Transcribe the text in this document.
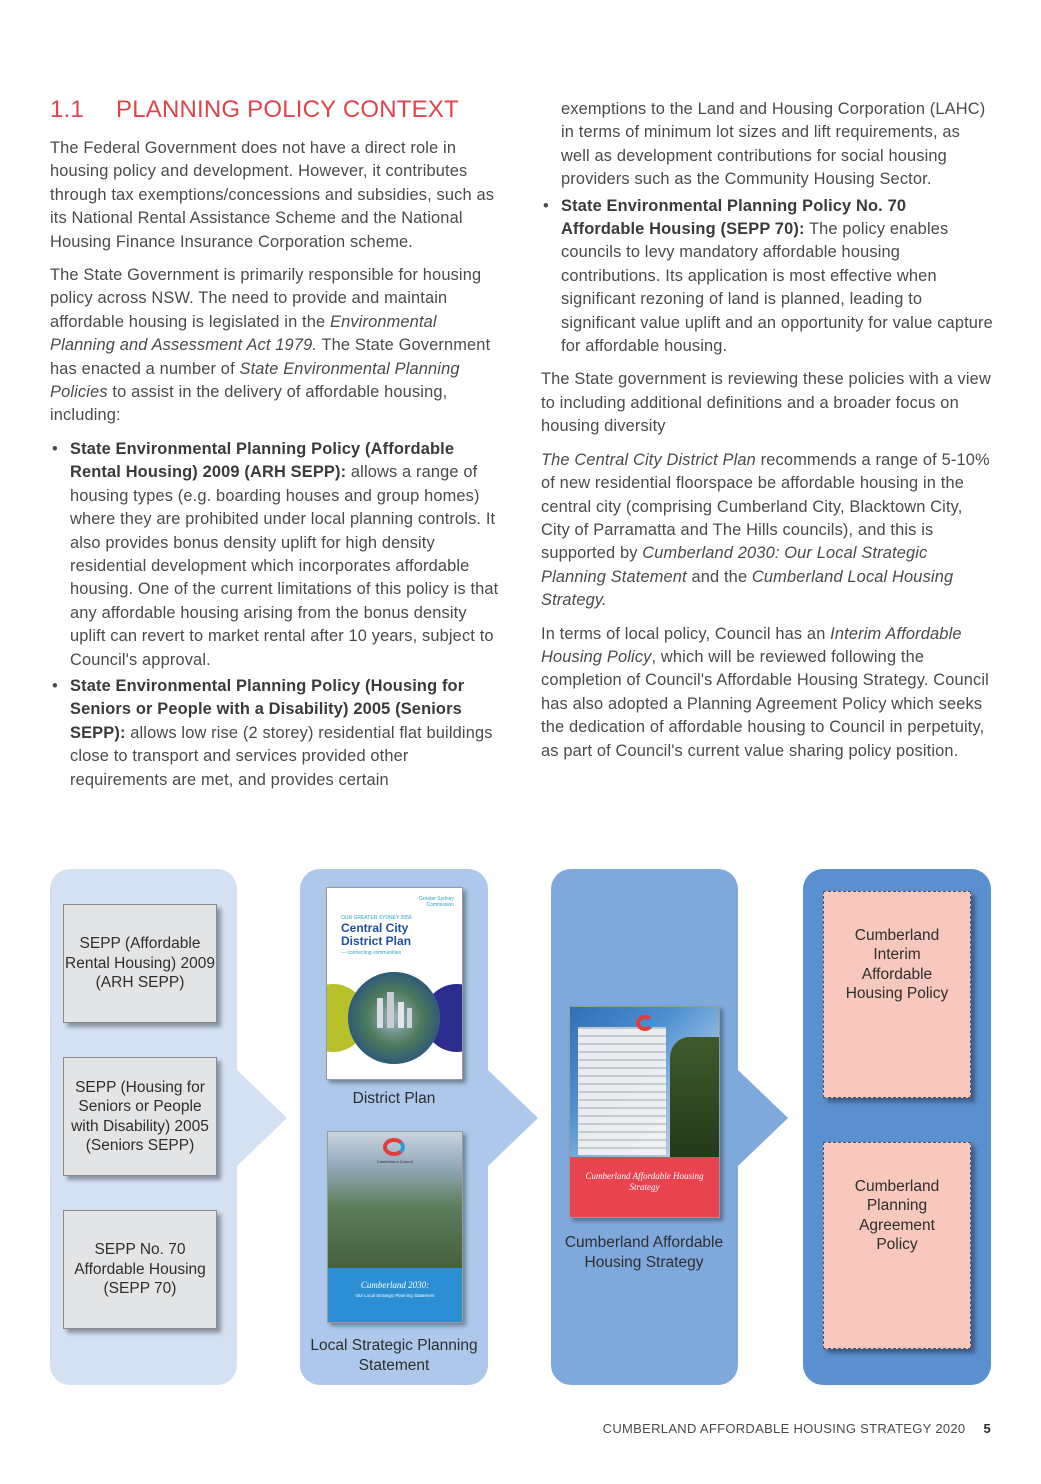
1.1 PLANNING POLICY CONTEXT

The Federal Government does not have a direct role in housing policy and development. However, it contributes through tax exemptions/concessions and subsidies, such as its National Rental Assistance Scheme and the National Housing Finance Insurance Corporation scheme.

The State Government is primarily responsible for housing policy across NSW. The need to provide and maintain affordable housing is legislated in the Environmental Planning and Assessment Act 1979. The State Government has enacted a number of State Environmental Planning Policies to assist in the delivery of affordable housing, including:

• State Environmental Planning Policy (Affordable Rental Housing) 2009 (ARH SEPP): allows a range of housing types (e.g. boarding houses and group homes) where they are prohibited under local planning controls. It also provides bonus density uplift for high density residential development which incorporates affordable housing. One of the current limitations of this policy is that any affordable housing arising from the bonus density uplift can revert to market rental after 10 years, subject to Council's approval.
• State Environmental Planning Policy (Housing for Seniors or People with a Disability) 2005 (Seniors SEPP): allows low rise (2 storey) residential flat buildings close to transport and services provided other requirements are met, and provides certain
exemptions to the Land and Housing Corporation (LAHC) in terms of minimum lot sizes and lift requirements, as well as development contributions for social housing providers such as the Community Housing Sector.
• State Environmental Planning Policy No. 70 Affordable Housing (SEPP 70): The policy enables councils to levy mandatory affordable housing contributions. Its application is most effective when significant rezoning of land is planned, leading to significant value uplift and an opportunity for value capture for affordable housing.

The State government is reviewing these policies with a view to including additional definitions and a broader focus on housing diversity

The Central City District Plan recommends a range of 5-10% of new residential floorspace be affordable housing in the central city (comprising Cumberland City, Blacktown City, City of Parramatta and The Hills councils), and this is supported by Cumberland 2030: Our Local Strategic Planning Statement and the Cumberland Local Housing Strategy.

In terms of local policy, Council has an Interim Affordable Housing Policy, which will be reviewed following the completion of Council's Affordable Housing Strategy. Council has also adopted a Planning Agreement Policy which seeks the dedication of affordable housing to Council in perpetuity, as part of Council's current value sharing policy position.

SEPP (Affordable Rental Housing) 2009 (ARH SEPP)
SEPP (Housing for Seniors or People with Disability) 2005 (Seniors SEPP)
SEPP No. 70 Affordable Housing (SEPP 70)
Greater Sydney Commission
OUR GREATER SYDNEY 2056
Central City District Plan
— connecting communities
District Plan
Cumberland Council
Cumberland 2030:
Our Local Strategic Planning Statement
Local Strategic Planning Statement
Cumberland Affordable Housing Strategy
Cumberland Affordable Housing Strategy
Cumberland Interim Affordable Housing Policy
Cumberland Planning Agreement Policy
CUMBERLAND AFFORDABLE HOUSING STRATEGY 2020 5
